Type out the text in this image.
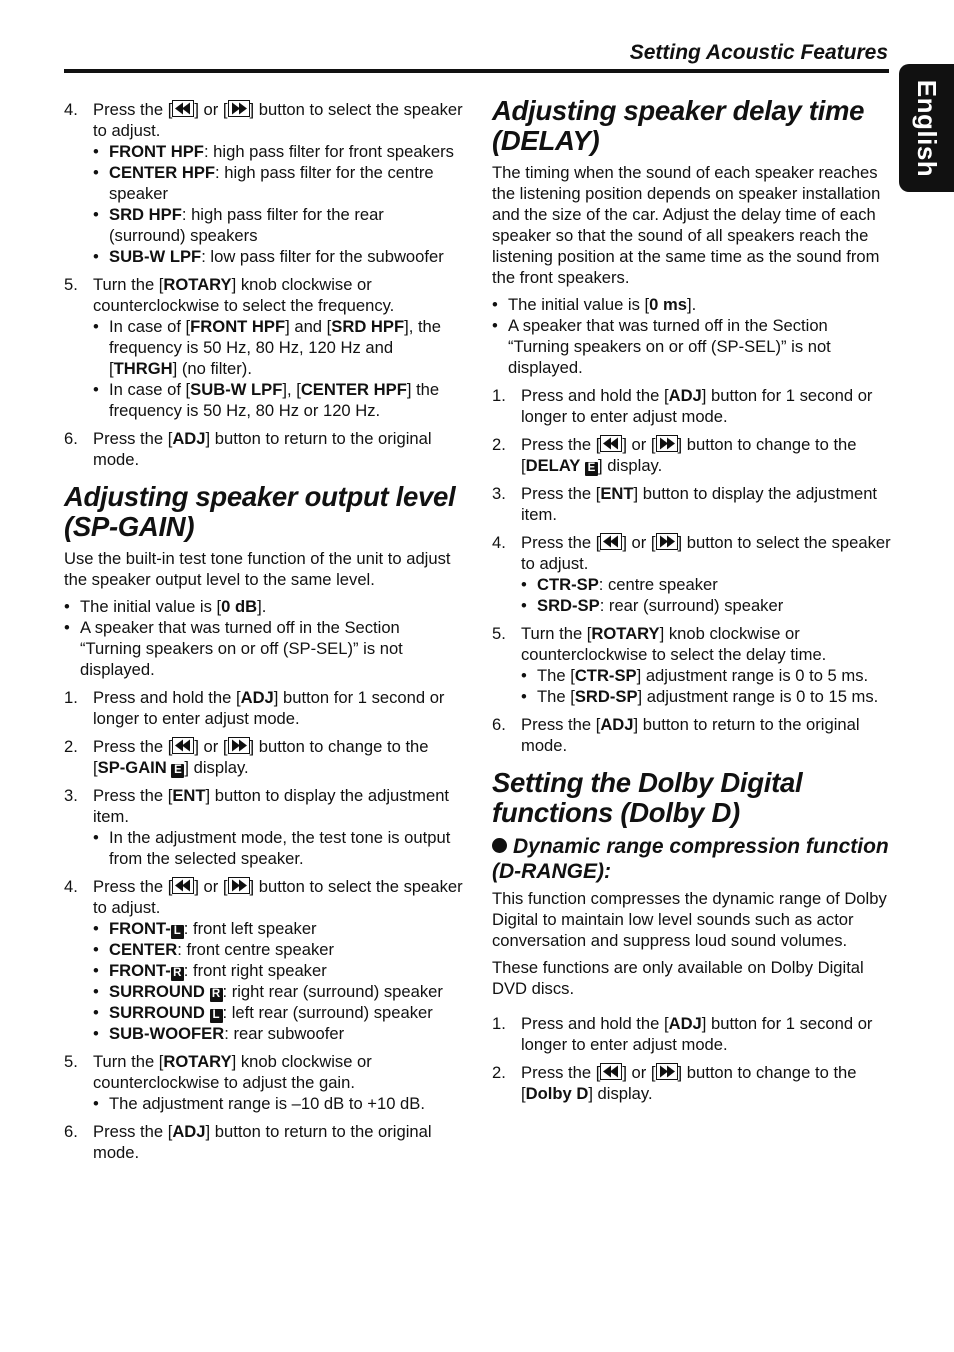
Setting Acoustic Features
English
4. Press the [ ] or [ ] button to select the speaker to adjust.
• FRONT HPF: high pass filter for front speakers
• CENTER HPF: high pass filter for the centre speaker
• SRD HPF: high pass filter for the rear (surround) speakers
• SUB-W LPF: low pass filter for the subwoofer
5. Turn the [ROTARY] knob clockwise or counterclockwise to select the frequency.
• In case of [FRONT HPF] and [SRD HPF], the frequency is 50 Hz, 80 Hz, 120 Hz and [THRGH] (no filter).
• In case of [SUB-W LPF], [CENTER HPF] the frequency is 50 Hz, 80 Hz or 120 Hz.
6. Press the [ADJ] button to return to the original mode.
Adjusting speaker output level (SP-GAIN)

Use the built-in test tone function of the unit to adjust the speaker output level to the same level.

• The initial value is [0 dB].
• A speaker that was turned off in the Section “Turning speakers on or off (SP-SEL)” is not displayed.
1. Press and hold the [ADJ] button for 1 second or longer to enter adjust mode.
2. Press the [ ] or [ ] button to change to the [SP-GAIN E ] display.
3. Press the [ENT] button to display the adjustment item.
• In the adjustment mode, the test tone is output from the selected speaker.
4. Press the [ ] or [ ] button to select the speaker to adjust.
• FRONT- L : front left speaker
• CENTER: front centre speaker
• FRONT- R : front right speaker
• SURROUND R : right rear (surround) speaker
• SURROUND L : left rear (surround) speaker
• SUB-WOOFER: rear subwoofer
5. Turn the [ROTARY] knob clockwise or counterclockwise to adjust the gain.
• The adjustment range is –10 dB to +10 dB.
6. Press the [ADJ] button to return to the original mode.
Adjusting speaker delay time (DELAY)

The timing when the sound of each speaker reaches the listening position depends on speaker installation and the size of the car. Adjust the delay time of each speaker so that the sound of all speakers reach the listening position at the same time as the sound from the front speakers.

• The initial value is [0 ms].
• A speaker that was turned off in the Section “Turning speakers on or off (SP-SEL)” is not displayed.
1. Press and hold the [ADJ] button for 1 second or longer to enter adjust mode.
2. Press the [ ] or [ ] button to change to the [DELAY E ] display.
3. Press the [ENT] button to display the adjustment item.
4. Press the [ ] or [ ] button to select the speaker to adjust.
• CTR-SP: centre speaker
• SRD-SP: rear (surround) speaker
5. Turn the [ROTARY] knob clockwise or counterclockwise to select the delay time.
• The [CTR-SP] adjustment range is 0 to 5 ms.
• The [SRD-SP] adjustment range is 0 to 15 ms.
6. Press the [ADJ] button to return to the original mode.
Setting the Dolby Digital functions (Dolby D)
Dynamic range compression function (D-RANGE):

This function compresses the dynamic range of Dolby Digital to maintain low level sounds such as actor conversation and suppress loud sound volumes.

These functions are only available on Dolby Digital DVD discs.

1. Press and hold the [ADJ] button for 1 second or longer to enter adjust mode.
2. Press the [ ] or [ ] button to change to the [Dolby D] display.
